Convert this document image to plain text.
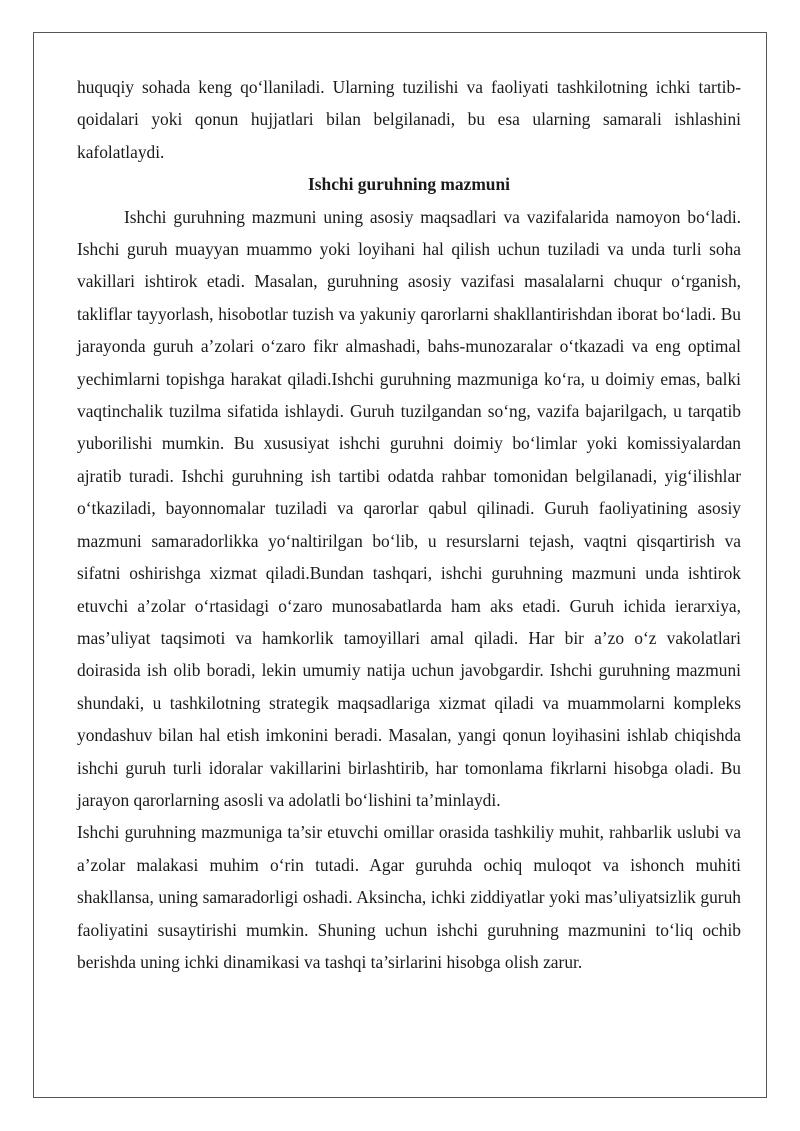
huquqiy sohada keng qo‘llaniladi. Ularning tuzilishi va faoliyati tashkilotning ichki tartib-qoidalari yoki qonun hujjatlari bilan belgilanadi, bu esa ularning samarali ishlashini kafolatlaydi.

Ishchi guruhning mazmuni

Ishchi guruhning mazmuni uning asosiy maqsadlari va vazifalarida namoyon bo‘ladi. Ishchi guruh muayyan muammo yoki loyihani hal qilish uchun tuziladi va unda turli soha vakillari ishtirok etadi. Masalan, guruhning asosiy vazifasi masalalarni chuqur o‘rganish, takliflar tayyorlash, hisobotlar tuzish va yakuniy qarorlarni shakllantirishdan iborat bo‘ladi. Bu jarayonda guruh a’zolari o‘zaro fikr almashadi, bahs-munozaralar o‘tkazadi va eng optimal yechimlarni topishga harakat qiladi.Ishchi guruhning mazmuniga ko‘ra, u doimiy emas, balki vaqtinchalik tuzilma sifatida ishlaydi. Guruh tuzilgandan so‘ng, vazifa bajarilgach, u tarqatib yuborilishi mumkin. Bu xususiyat ishchi guruhni doimiy bo‘limlar yoki komissiyalardan ajratib turadi. Ishchi guruhning ish tartibi odatda rahbar tomonidan belgilanadi, yig‘ilishlar o‘tkaziladi, bayonnomalar tuziladi va qarorlar qabul qilinadi. Guruh faoliyatining asosiy mazmuni samaradorlikka yo‘naltirilgan bo‘lib, u resurslarni tejash, vaqtni qisqartirish va sifatni oshirishga xizmat qiladi.Bundan tashqari, ishchi guruhning mazmuni unda ishtirok etuvchi a’zolar o‘rtasidagi o‘zaro munosabatlarda ham aks etadi. Guruh ichida ierarxiya, mas’uliyat taqsimoti va hamkorlik tamoyillari amal qiladi. Har bir a’zo o‘z vakolatlari doirasida ish olib boradi, lekin umumiy natija uchun javobgardir. Ishchi guruhning mazmuni shundaki, u tashkilotning strategik maqsadlariga xizmat qiladi va muammolarni kompleks yondashuv bilan hal etish imkonini beradi. Masalan, yangi qonun loyihasini ishlab chiqishda ishchi guruh turli idoralar vakillarini birlashtirib, har tomonlama fikrlarni hisobga oladi. Bu jarayon qarorlarning asosli va adolatli bo‘lishini ta’minlaydi.

Ishchi guruhning mazmuniga ta’sir etuvchi omillar orasida tashkiliy muhit, rahbarlik uslubi va a’zolar malakasi muhim o‘rin tutadi. Agar guruhda ochiq muloqot va ishonch muhiti shakllansa, uning samaradorligi oshadi. Aksincha, ichki ziddiyatlar yoki mas’uliyatsizlik guruh faoliyatini susaytirishi mumkin. Shuning uchun ishchi guruhning mazmunini to‘liq ochib berishda uning ichki dinamikasi va tashqi ta’sirlarini hisobga olish zarur.
